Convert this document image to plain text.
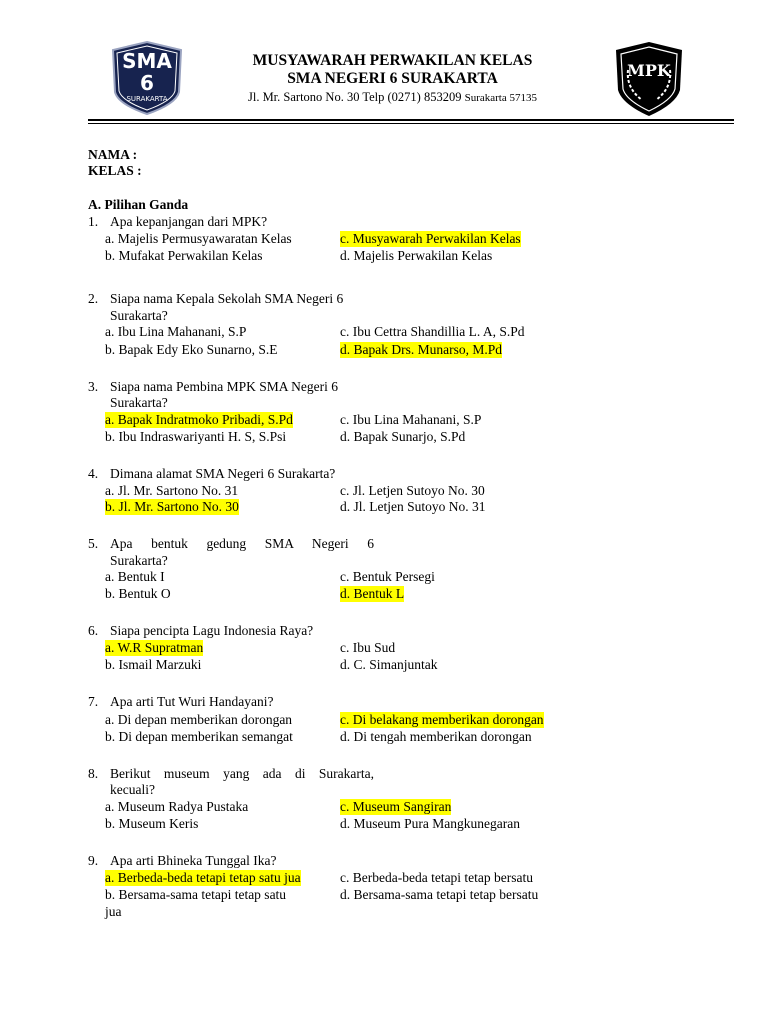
SMA
6
SURAKARTA
MUSYAWARAH PERWAKILAN KELAS
SMA NEGERI 6 SURAKARTA
Jl. Mr. Sartono No. 30 Telp (0271) 853209 Surakarta 57135
MPK
NAMA :
KELAS :
A. Pilihan Ganda
1. Apa kepanjangan dari MPK?
a. Majelis Permusyawaratan Kelas	c. Musyawarah Perwakilan Kelas
b. Mufakat Perwakilan Kelas	d. Majelis Perwakilan Kelas
2. Siapa nama Kepala Sekolah SMA Negeri 6
Surakarta?
a. Ibu Lina Mahanani, S.P	c. Ibu Cettra Shandillia L. A, S.Pd
b. Bapak Edy Eko Sunarno, S.E	d. Bapak Drs. Munarso, M.Pd
3. Siapa nama Pembina MPK SMA Negeri 6
Surakarta?
a. Bapak Indratmoko Pribadi, S.Pd	c. Ibu Lina Mahanani, S.P
b. Ibu Indraswariyanti H. S, S.Psi	d. Bapak Sunarjo, S.Pd
4. Dimana alamat SMA Negeri 6 Surakarta?
a. Jl. Mr. Sartono No. 31	c. Jl. Letjen Sutoyo No. 30
b. Jl. Mr. Sartono No. 30	d. Jl. Letjen Sutoyo No. 31
5. Apa bentuk gedung SMA Negeri 6
Surakarta?
a. Bentuk I	c. Bentuk Persegi
b. Bentuk O	d. Bentuk L
6. Siapa pencipta Lagu Indonesia Raya?
a. W.R Supratman	c. Ibu Sud
b. Ismail Marzuki	d. C. Simanjuntak
7. Apa arti Tut Wuri Handayani?
a. Di depan memberikan dorongan	c. Di belakang memberikan dorongan
b. Di depan memberikan semangat	d. Di tengah memberikan dorongan
8. Berikut museum yang ada di Surakarta,
kecuali?
a. Museum Radya Pustaka	c. Museum Sangiran
b. Museum Keris	d. Museum Pura Mangkunegaran
9. Apa arti Bhineka Tunggal Ika?
a. Berbeda-beda tetapi tetap satu jua	c. Berbeda-beda tetapi tetap bersatu
b. Bersama-sama tetapi tetap satu	d. Bersama-sama tetapi tetap bersatu
jua
